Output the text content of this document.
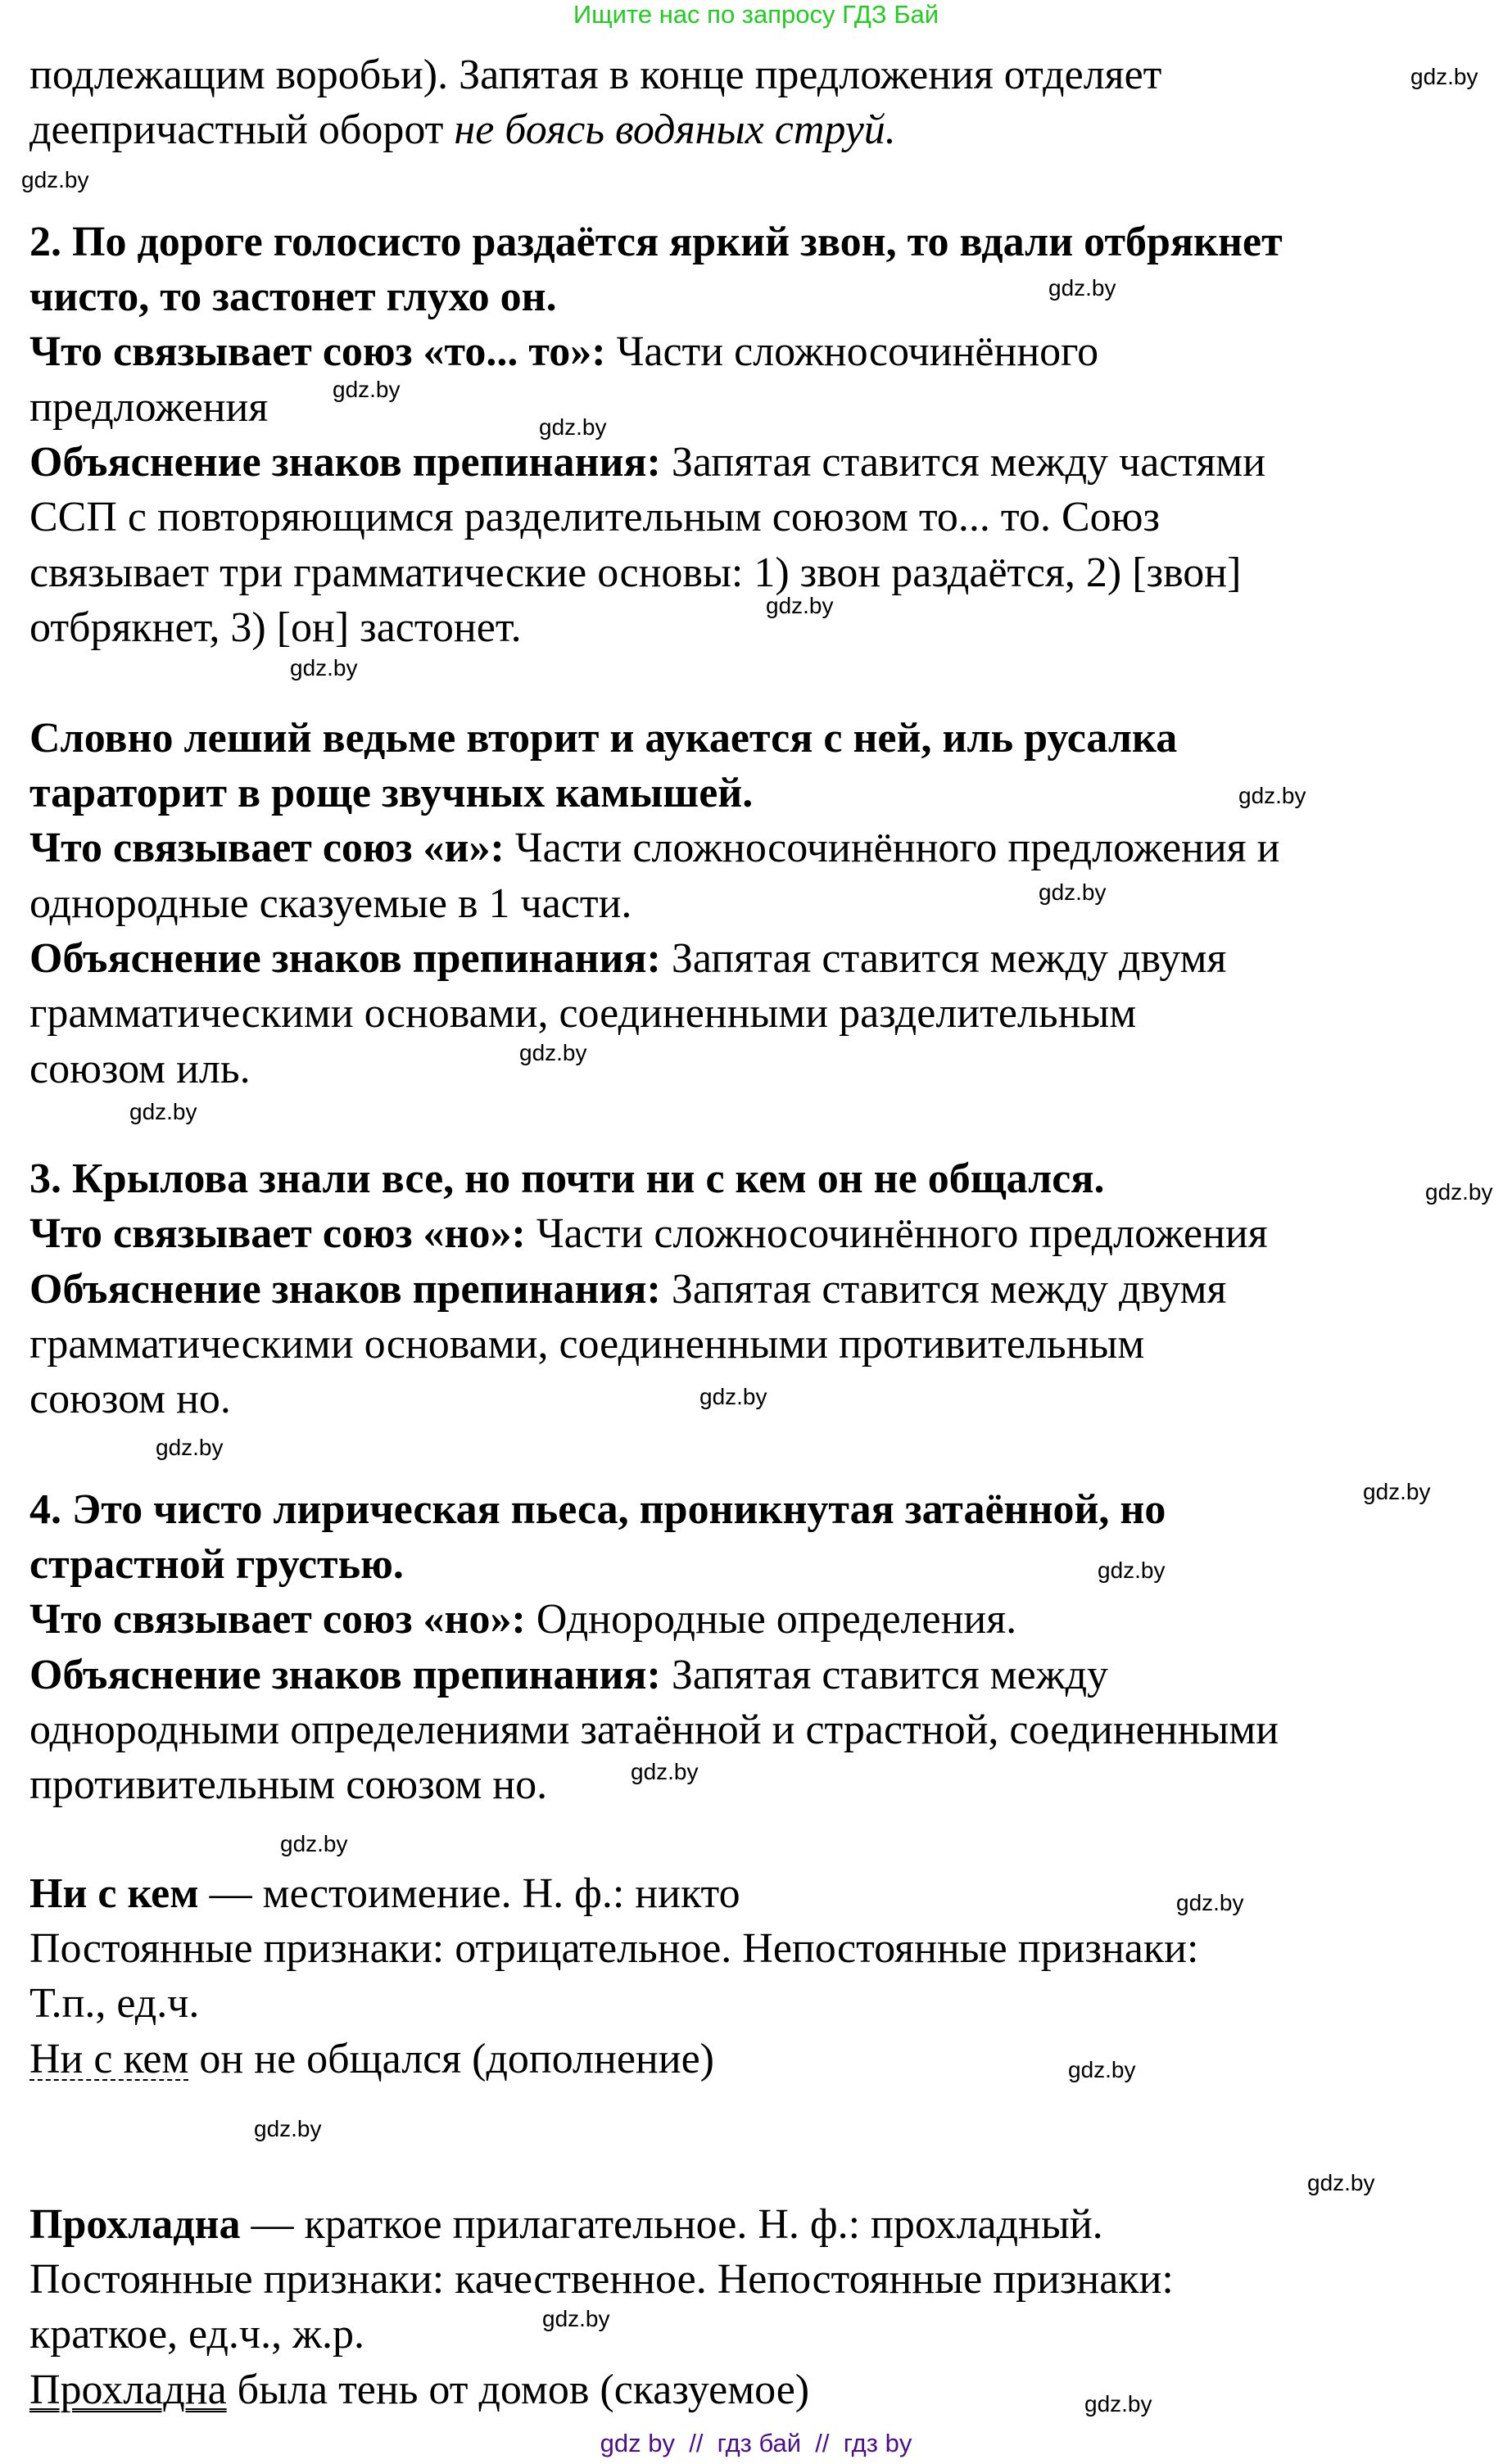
Ищите нас по запросу ГДЗ Бай
подлежащим воробьи). Запятая в конце предложения отделяет
деепричастный оборот не боясь водяных струй.
2. По дороге голосисто раздаётся яркий звон, то вдали отбрякнет
чисто, то застонет глухо он.
Что связывает союз «то... то»: Части сложносочинённого
предложения
Объяснение знаков препинания: Запятая ставится между частями
ССП с повторяющимся разделительным союзом то... то. Союз
связывает три грамматические основы: 1) звон раздаётся, 2) [звон]
отбрякнет, 3) [он] застонет.
Словно леший ведьме вторит и аукается с ней, иль русалка
тараторит в роще звучных камышей.
Что связывает союз «и»: Части сложносочинённого предложения и
однородные сказуемые в 1 части.
Объяснение знаков препинания: Запятая ставится между двумя
грамматическими основами, соединенными разделительным
союзом иль.
3. Крылова знали все, но почти ни с кем он не общался.
Что связывает союз «но»: Части сложносочинённого предложения
Объяснение знаков препинания: Запятая ставится между двумя
грамматическими основами, соединенными противительным
союзом но.
4. Это чисто лирическая пьеса, проникнутая затаённой, но
страстной грустью.
Что связывает союз «но»: Однородные определения.
Объяснение знаков препинания: Запятая ставится между
однородными определениями затаённой и страстной, соединенными
противительным союзом но.
Ни с кем — местоимение. Н. ф.: никто
Постоянные признаки: отрицательное. Непостоянные признаки:
Т.п., ед.ч.
Ни с кем он не общался (дополнение)
Прохладна — краткое прилагательное. Н. ф.: прохладный.
Постоянные признаки: качественное. Непостоянные признаки:
краткое, ед.ч., ж.р.
Прохладна была тень от домов (сказуемое)
gdz.by
gdz.by
gdz.by
gdz.by
gdz.by
gdz.by
gdz.by
gdz.by
gdz.by
gdz.by
gdz.by
gdz.by
gdz.by
gdz.by
gdz.by
gdz.by
gdz.by
gdz.by
gdz.by
gdz.by
gdz.by
gdz.by
gdz.by
gdz.by
gdz by  //  гдз бай  //  гдз by
